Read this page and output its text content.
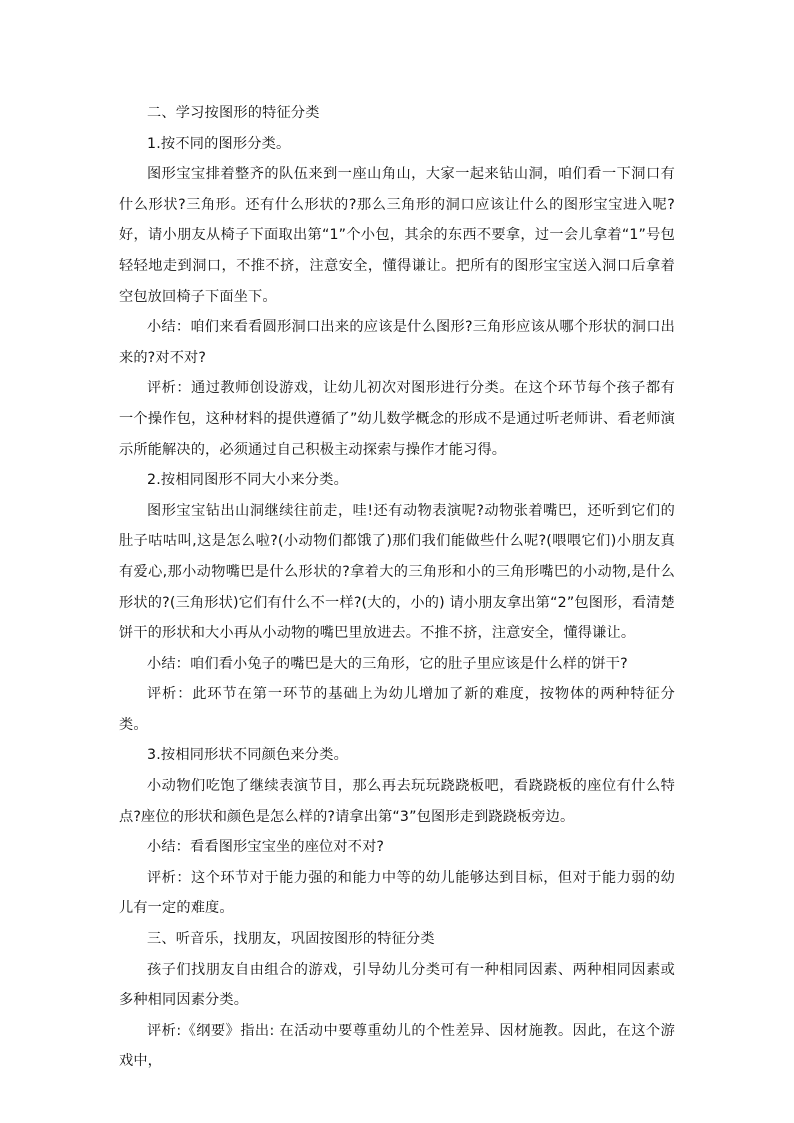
二、学习按图形的特征分类

1.按不同的图形分类。

图形宝宝排着整齐的队伍来到一座山角山，大家一起来钻山洞，咱们看一下洞口有什么形状?三角形。还有什么形状的?那么三角形的洞口应该让什么的图形宝宝进入呢?好，请小朋友从椅子下面取出第“1”个小包，其余的东西不要拿，过一会儿拿着“1”号包轻轻地走到洞口，不推不挤，注意安全，懂得谦让。把所有的图形宝宝送入洞口后拿着空包放回椅子下面坐下。

小结：咱们来看看圆形洞口出来的应该是什么图形?三角形应该从哪个形状的洞口出来的?对不对?

评析：通过教师创设游戏，让幼儿初次对图形进行分类。在这个环节每个孩子都有一个操作包，这种材料的提供遵循了”幼儿数学概念的形成不是通过听老师讲、看老师演示所能解决的，必须通过自己积极主动探索与操作才能习得。

2.按相同图形不同大小来分类。

图形宝宝钻出山洞继续往前走，哇!还有动物表演呢?动物张着嘴巴，还听到它们的肚子咕咕叫,这是怎么啦?(小动物们都饿了)那们我们能做些什么呢?(喂喂它们)小朋友真有爱心,那小动物嘴巴是什么形状的?拿着大的三角形和小的三角形嘴巴的小动物,是什么形状的?(三角形状)它们有什么不一样?(大的，小的) 请小朋友拿出第“2”包图形，看清楚饼干的形状和大小再从小动物的嘴巴里放进去。不推不挤，注意安全，懂得谦让。

小结：咱们看小兔子的嘴巴是大的三角形，它的肚子里应该是什么样的饼干?

评析：此环节在第一环节的基础上为幼儿增加了新的难度，按物体的两种特征分类。

3.按相同形状不同颜色来分类。

小动物们吃饱了继续表演节目，那么再去玩玩跷跷板吧，看跷跷板的座位有什么特点?座位的形状和颜色是怎么样的?请拿出第“3”包图形走到跷跷板旁边。

小结：看看图形宝宝坐的座位对不对?

评析：这个环节对于能力强的和能力中等的幼儿能够达到目标，但对于能力弱的幼儿有一定的难度。

三、听音乐，找朋友，巩固按图形的特征分类

孩子们找朋友自由组合的游戏，引导幼儿分类可有一种相同因素、两种相同因素或多种相同因素分类。

评析:《纲要》指出: 在活动中要尊重幼儿的个性差异、因材施教。因此，在这个游戏中，
